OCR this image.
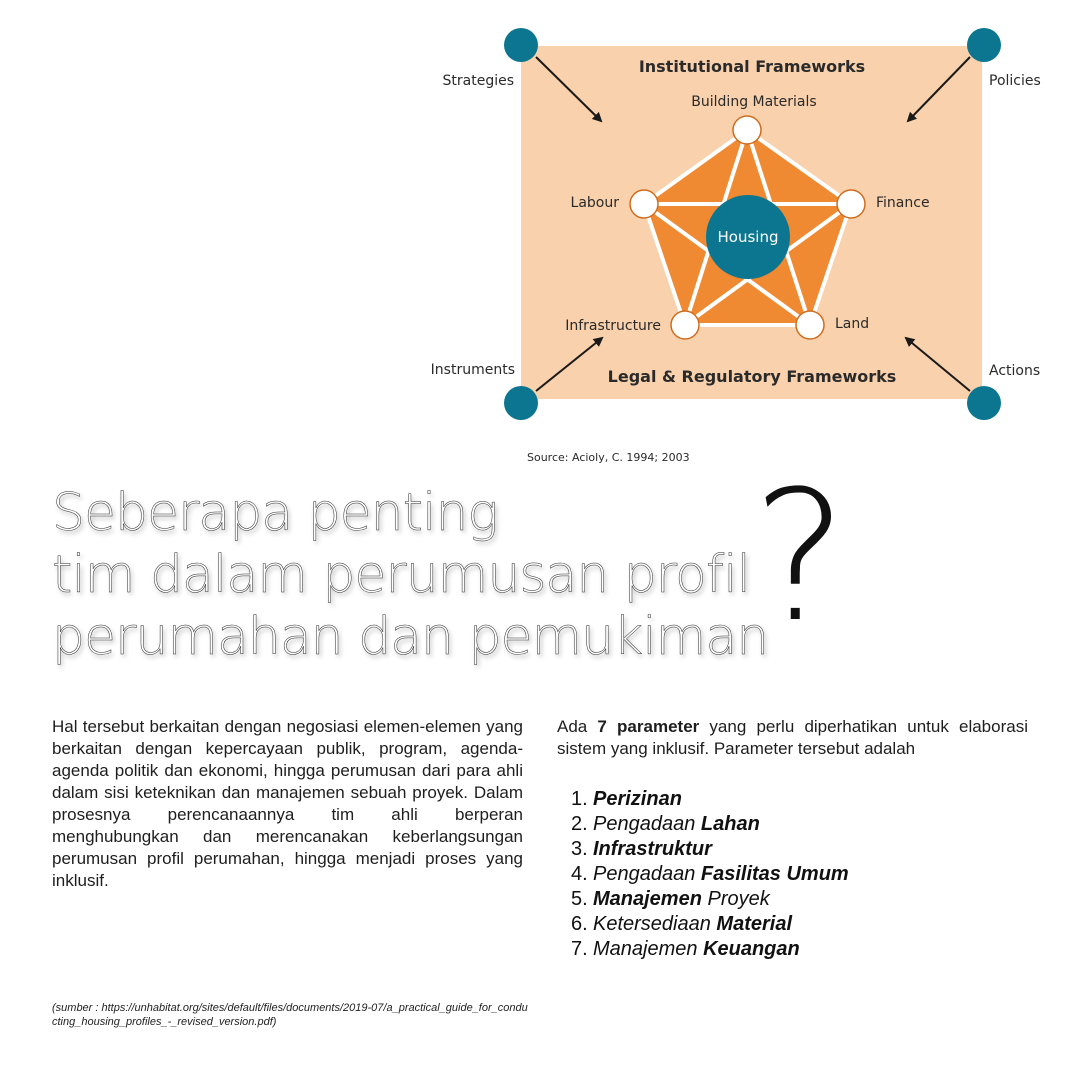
Housing
Institutional Frameworks
Legal & Regulatory Frameworks
Building Materials
Labour	Finance
Infrastructure	Land
Strategies	Policies
Instruments	Actions
Source: Acioly, C. 1994; 2003
Seberapa penting
tim dalam perumusan profil
perumahan dan pemukiman
?

Hal tersebut berkaitan dengan negosiasi elemen-elemen yang berkaitan dengan kepercayaan publik, program, agenda-agenda politik dan ekonomi, hingga perumusan dari para ahli dalam sisi keteknikan dan manajemen sebuah proyek. Dalam prosesnya perencanaannya tim ahli berperan menghubungkan dan merencanakan keberlangsungan perumusan profil perumahan, hingga menjadi proses yang inklusif.

Ada 7 parameter yang perlu diperhatikan untuk elaborasi sistem yang inklusif. Parameter tersebut adalah

1. Perizinan
2. Pengadaan Lahan
3. Infrastruktur
4. Pengadaan Fasilitas Umum
5. Manajemen Proyek
6. Ketersediaan Material
7. Manajemen Keuangan

(sumber : https://unhabitat.org/sites/default/files/documents/2019-07/a_practical_guide_for_condu cting_housing_profiles_-_revised_version.pdf)
